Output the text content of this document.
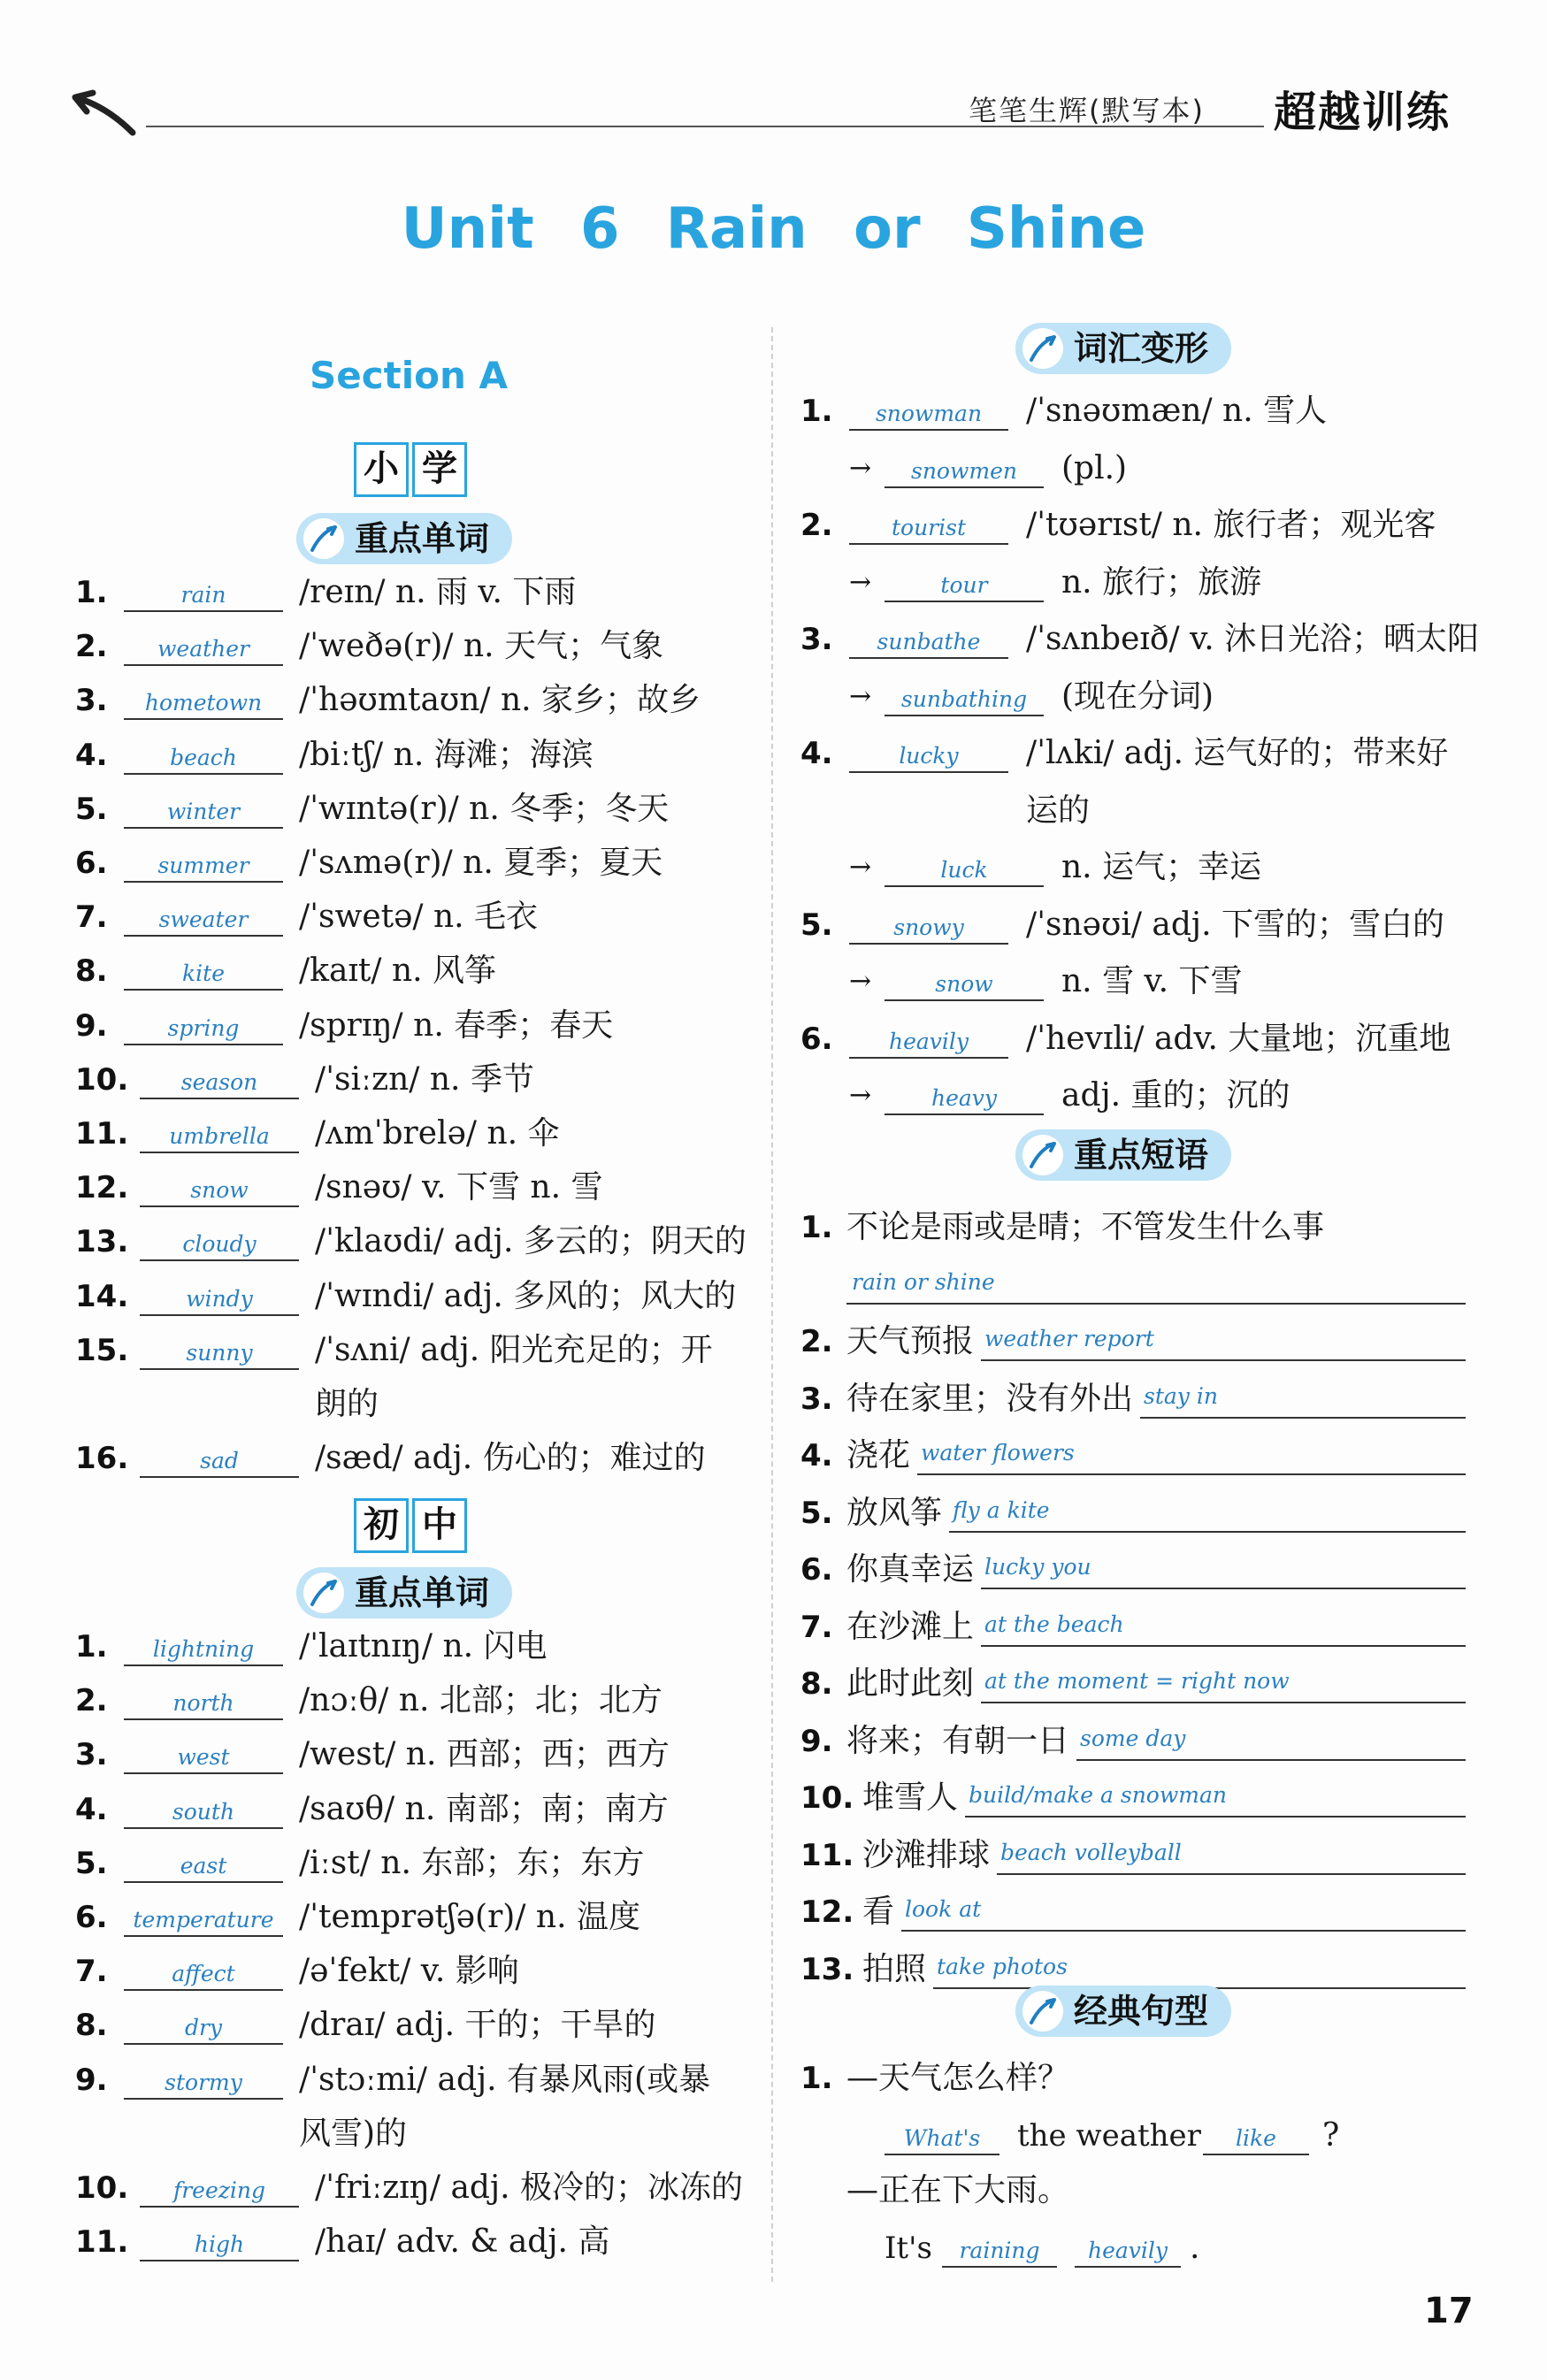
笔笔生辉(默写本) 超越训练
Unit 6 Rain or Shine
Section A
小 学
重点单词
1.	rain	/reɪn/ n. 雨 v. 下雨
2.	weather	/ˈweðə(r)/ n. 天气；气象
3.	hometown	/ˈhəʊmtaʊn/ n. 家乡；故乡
4.	beach	/biːtʃ/ n. 海滩；海滨
5.	winter	/ˈwɪntə(r)/ n. 冬季；冬天
6.	summer	/ˈsʌmə(r)/ n. 夏季；夏天
7.	sweater	/ˈswetə/ n. 毛衣
8.	kite	/kaɪt/ n. 风筝
9.	spring	/sprɪŋ/ n. 春季；春天
10.	season	/ˈsiːzn/ n. 季节
11.	umbrella	/ʌmˈbrelə/ n. 伞
12.	snow	/snəʊ/ v. 下雪 n. 雪
13.	cloudy	/ˈklaʊdi/ adj. 多云的；阴天的
14.	windy	/ˈwɪndi/ adj. 多风的；风大的
15.	sunny	/ˈsʌni/ adj. 阳光充足的；开
朗的
16.	sad	/sæd/ adj. 伤心的；难过的
初 中
重点单词
1.	lightning	/ˈlaɪtnɪŋ/ n. 闪电
2.	north	/nɔːθ/ n. 北部；北；北方
3.	west	/west/ n. 西部；西；西方
4.	south	/saʊθ/ n. 南部；南；南方
5.	east	/iːst/ n. 东部；东；东方
6.	temperature /ˈtemprətʃə(r)/ n. 温度
7.	affect	/əˈfekt/ v. 影响
8.	dry	/draɪ/ adj. 干的；干旱的
9.	stormy	/ˈstɔːmi/ adj. 有暴风雨(或暴
风雪)的
10.	freezing	/ˈfriːzɪŋ/ adj. 极冷的；冰冻的
11.	high	/haɪ/ adv. & adj. 高
词汇变形
1.	snowman	/ˈsnəʊmæn/ n. 雪人
→	snowmen	(pl.)
2.	tourist	/ˈtʊərɪst/ n. 旅行者；观光客
→	tour	n. 旅行；旅游
3.	sunbathe	/ˈsʌnbeɪð/ v. 沐日光浴；晒太阳
→	sunbathing	(现在分词)
4.	lucky	/ˈlʌki/ adj. 运气好的；带来好
运的
→	luck	n. 运气；幸运
5.	snowy	/ˈsnəʊi/ adj. 下雪的；雪白的
→	snow	n. 雪 v. 下雪
6.	heavily	/ˈhevɪli/ adv. 大量地；沉重地
→	heavy	adj. 重的；沉的
重点短语
1. 不论是雨或是晴；不管发生什么事
rain or shine
2. 天气预报 weather report
3. 待在家里；没有外出 stay in
4. 浇花 water flowers
5. 放风筝 fly a kite
6. 你真幸运 lucky you
7. 在沙滩上 at the beach
8. 此时此刻 at the moment = right now
9. 将来；有朝一日 some day
10. 堆雪人 build/make a snowman
11. 沙滩排球 beach volleyball
12. 看 look at
13. 拍照 take photos
经典句型
1. —天气怎么样？
What's	the weather	like	?
—正在下大雨。
It's	raining	heavily .
17
